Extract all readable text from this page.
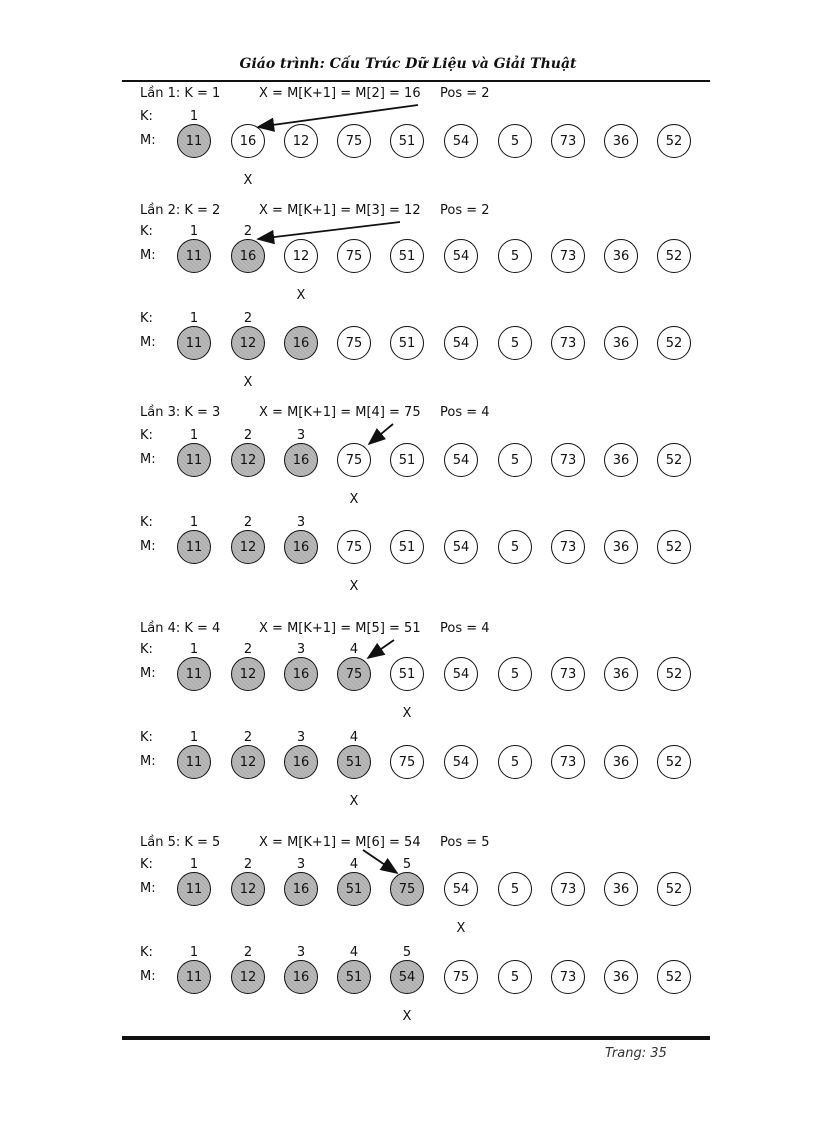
Giáo trình: Cấu Trúc Dữ Liệu và Giải Thuật
Lần 1: K = 1	X = M[K+1] = M[2] = 16 Pos = 2
K:	1
M:	11	16	12	75	51	54	5	73	36	52
X
Lần 2: K = 2	X = M[K+1] = M[3] = 12 Pos = 2
K:	1	2
M:	11	16	12	75	51	54	5	73	36	52
X
K:	1	2
M:	11	12	16	75	51	54	5	73	36	52
X
Lần 3: K = 3	X = M[K+1] = M[4] = 75 Pos = 4
K:	1	2	3
M:	11	12	16	75	51	54	5	73	36	52
X
K:	1	2	3
M:	11	12	16	75	51	54	5	73	36	52
X
Lần 4: K = 4	X = M[K+1] = M[5] = 51 Pos = 4
K:	1	2	3	4
M:	11	12	16	75	51	54	5	73	36	52
X
K:	1	2	3	4
M:	11	12	16	51	75	54	5	73	36	52
X
Lần 5: K = 5	X = M[K+1] = M[6] = 54 Pos = 5
K:	1	2	3	4	5
M:	11	12	16	51	75	54	5	73	36	52
X
K:	1	2	3	4	5
M:	11	12	16	51	54	75	5	73	36	52
X
Trang: 35
